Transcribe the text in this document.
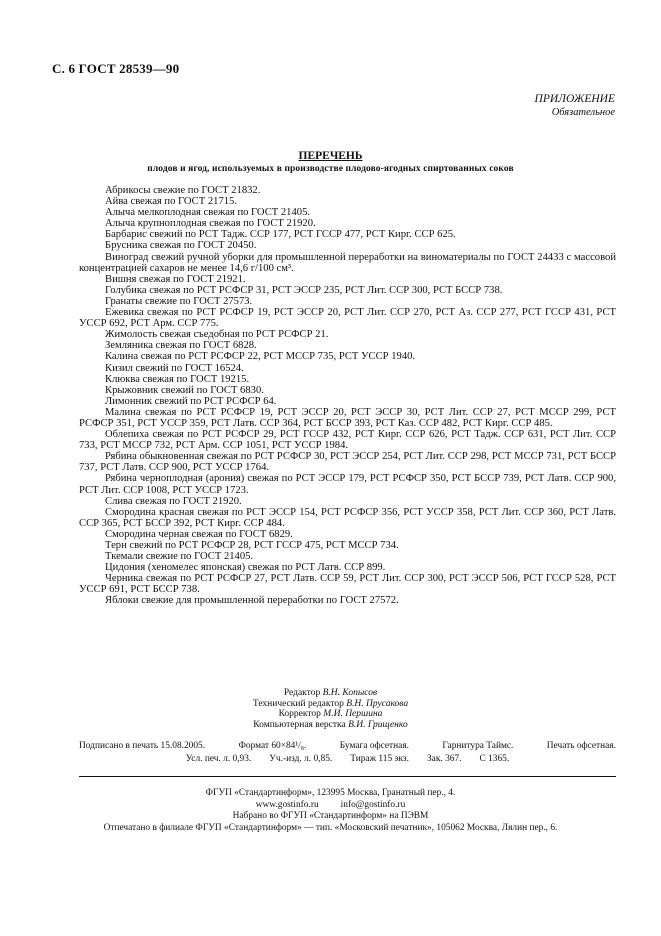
С. 6 ГОСТ 28539—90
ПРИЛОЖЕНИЕ
Обязательное
ПЕРЕЧЕНЬ
плодов и ягод, используемых в производстве плодово-ягодных спиртованных соков
Абрикосы свежие по ГОСТ 21832.
Айва свежая по ГОСТ 21715.
Алыча мелкоплодная свежая по ГОСТ 21405.
Алыча крупноплодная свежая по ГОСТ 21920.
Барбарис свежий по РСТ Тадж. ССР 177, РСТ ГССР 477, РСТ Кирг. ССР 625.
Брусника свежая по ГОСТ 20450.
Виноград свежий ручной уборки для промышленной переработки на виноматериалы по ГОСТ 24433 с массовой концентрацией сахаров не менее 14,6 г/100 см³.
Вишня свежая по ГОСТ 21921.
Голубика свежая по РСТ РСФСР 31, РСТ ЭССР 235, РСТ Лит. ССР 300, РСТ БССР 738.
Гранаты свежие по ГОСТ 27573.
Ежевика свежая по РСТ РСФСР 19, РСТ ЭССР 20, РСТ Лит. ССР 270, РСТ Аз. ССР 277, РСТ ГССР 431, РСТ УССР 692, РСТ Арм. ССР 775.
Жимолость свежая съедобная по РСТ РСФСР 21.
Земляника свежая по ГОСТ 6828.
Калина свежая по РСТ РСФСР 22, РСТ МССР 735, РСТ УССР 1940.
Кизил свежий по ГОСТ 16524.
Клюква свежая по ГОСТ 19215.
Крыжовник свежий по ГОСТ 6830.
Лимонник свежий по РСТ РСФСР 64.
Малина свежая по РСТ РСФСР 19, РСТ ЭССР 20, РСТ ЭССР 30, РСТ Лит. ССР 27, РСТ МССР 299, РСТ РСФСР 351, РСТ УССР 359, РСТ Латв. ССР 364, РСТ БССР 393, РСТ Каз. ССР 482, РСТ Кирг. ССР 485.
Облепиха свежая по РСТ РСФСР 29, РСТ ГССР 432, РСТ Кирг. ССР 626, РСТ Тадж. ССР 631, РСТ Лит. ССР 733, РСТ МССР 732, РСТ Арм. ССР 1051, РСТ УССР 1984.
Рябина обыкновенная свежая по РСТ РСФСР 30, РСТ ЭССР 254, РСТ Лит. ССР 298, РСТ МССР 731, РСТ БССР 737, РСТ Латв. ССР 900, РСТ УССР 1764.
Рябина черноплодная (арония) свежая по РСТ ЭССР 179, РСТ РСФСР 350, РСТ БССР 739, РСТ Латв. ССР 900, РСТ Лит. ССР 1008, РСТ УССР 1723.
Слива свежая по ГОСТ 21920.
Смородина красная свежая по РСТ ЭССР 154, РСТ РСФСР 356, РСТ УССР 358, РСТ Лит. ССР 360, РСТ Латв. ССР 365, РСТ БССР 392, РСТ Кирг. ССР 484.
Смородина черная свежая по ГОСТ 6829.
Терн свежий по РСТ РСФСР 28, РСТ ГССР 475, РСТ МССР 734.
Ткемали свежие по ГОСТ 21405.
Цидония (хеномелес японская) свежая по РСТ Латв. ССР 899.
Черника свежая по РСТ РСФСР 27, РСТ Латв. ССР 59, РСТ Лит. ССР 300, РСТ ЭССР 506, РСТ ГССР 528, РСТ УССР 691, РСТ БССР 738.
Яблоки свежие для промышленной переработки по ГОСТ 27572.
Редактор В.Н. Копысов
Технический редактор В.Н. Прусакова
Корректор М.И. Першина
Компьютерная верстка В.И. Грищенко
Подписано в печать 15.08.2005.	Формат 60×84¹/₈.	Бумага офсетная.	Гарнитура Таймс.	Печать офсетная.
Усл. печ. л. 0,93. Уч.-изд. л. 0,85. Тираж 115 экз. Зак. 367. С 1365.
ФГУП «Стандартинформ», 123995 Москва, Гранатный пер., 4.
www.gostinfo.ru info@gostinfo.ru
Набрано во ФГУП «Стандартинформ» на ПЭВМ
Отпечатано в филиале ФГУП «Стандартинформ» — тип. «Московский печатник», 105062 Москва, Лялин пер., 6.
